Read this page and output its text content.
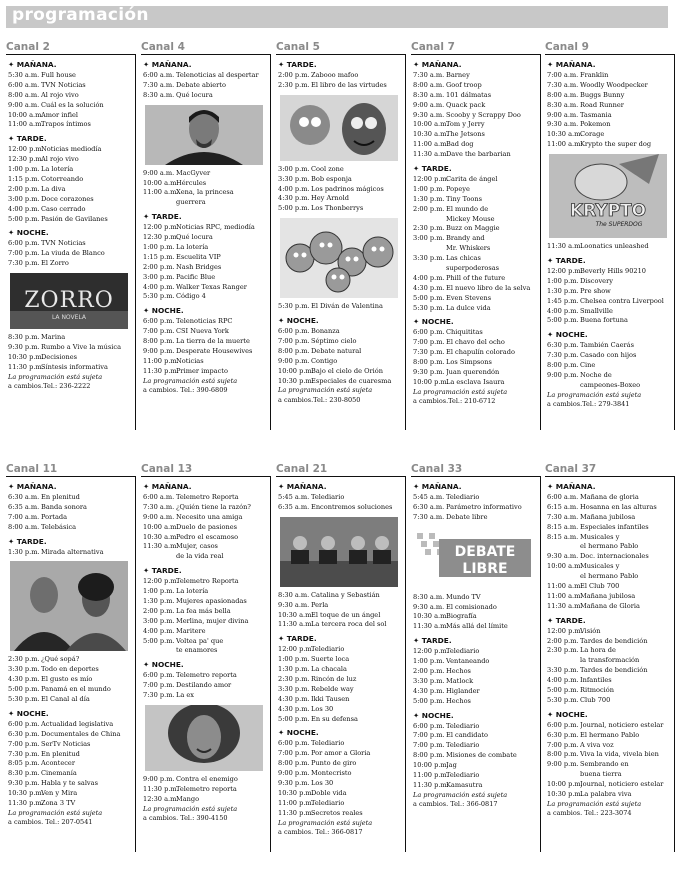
programación
Canal 2
✦ MAÑANA.
5:30 a.m. Full house
6:00 a.m. TVN Noticias
8:00 a.m. Al rojo vivo
9:00 a.m. Cuál es la solución
10:00 a.m.
Amor infiel
11:00 a.m.
Trapos íntimos
✦ TARDE.
12:00 p.m.
Noticias mediodía
12:30 p.m.
Al rojo vivo
1:00 p.m. La lotería
1:15 p.m. Cotorreando
2:00 p.m. La diva
3:00 p.m. Doce corazones
4:00 p.m. Caso cerrado
5:00 p.m. Pasión de Gavilanes
✦ NOCHE.
6:00 p.m. TVN Noticias
7:00 p.m. La viuda de Blanco
7:30 p.m. El Zorro
ZORRO
LA NOVELA
8:30 p.m. Marina
9:30 p.m. Rumbo a Vive la música
10:30 p.m.
Decisiones
11:30 p.m.
Síntesis informativa
La programación está sujeta
a cambios.Tel.: 236-2222
Canal 4
✦ MAÑANA.
6:00 a.m. Telenoticias al despertar
7:30 a.m. Debate abierto
8:30 a.m. Qué locura
9:00 a.m. MacGyver
10:00 a.m.
Hércules
11:00 a.m.
Xena, la princesa
guerrera
✦ TARDE.
12:00 p.m.
Noticias RPC, mediodía
12:30 p.m.
Qué locura
1:00 p.m. La lotería
1:15 p.m. Escuelita VIP
2:00 p.m. Nash Bridges
3:00 p.m. Pacific Blue
4:00 p.m. Walker Texas Ranger
5:30 p.m. Código 4
✦ NOCHE.
6:00 p.m. Telenoticias RPC
7:00 p.m. CSI Nueva York
8:00 p.m. La tierra de la muerte
9:00 p.m. Desperate Housewives
11:00 p.m.
Noticias
11:30 p.m.
Primer impacto
La programación está sujeta
a cambios. Tel.: 390-6809
Canal 5
✦ TARDE.
2:00 p.m. Zabooo mafoo
2:30 p.m. El libro de las virtudes
3:00 p.m. Cool zone
3:30 p.m. Bob esponja
4:00 p.m. Los padrinos mágicos
4:30 p.m. Hey Arnold
5:00 p.m. Los Thonberrys
5:30 p.m. El Diván de Valentina
✦ NOCHE.
6:00 p.m. Bonanza
7:00 p.m. Séptimo cielo
8:00 p.m. Debate natural
9:00 p.m. Contigo
10:00 p.m.
Bajo el cielo de Orión
10:30 p.m.
Especiales de cuaresma
La programación está sujeta
a cambios.Tel.: 230-8050
Canal 7
✦ MAÑANA.
7:30 a.m. Barney
8:00 a.m. Goof troop
8:30 a.m. 101 dálmatas
9:00 a.m. Quack pack
9:30 a.m. Scooby y Scrappy Doo
10:00 a.m.
Tom y Jerry
10:30 a.m.
The Jetsons
11:00 a.m.
Bad dog
11:30 a.m.
Dave the barbarian
✦ TARDE.
12:00 p.m.
Carita de ángel
1:00 p.m. Popeye
1:30 p.m. Tiny Toons
2:00 p.m. El mundo de
Mickey Mouse
2:30 p.m. Buzz on Maggie
3:00 p.m. Brandy and
Mr. Whiskers
3:30 p.m. Las chicas
superpoderosas
4:00 p.m. Phill of the future
4:30 p.m. El nuevo libro de la selva
5:00 p.m. Even Stevens
5:30 p.m. La dulce vida
✦ NOCHE.
6:00 p.m. Chiquititas
7:00 p.m. El chavo del ocho
7:30 p.m. El chapulín colorado
8:00 p.m. Los Simpsons
9:30 p.m. Juan querendón
10:00 p.m.
La esclava Isaura
La programación está sujeta
a cambios.Tel.: 210-6712
Canal 9
✦ MAÑANA.
7:00 a.m. Franklin
7:30 a.m. Woodly Woodpecker
8:00 a.m. Buggs Bunny
8:30 a.m. Road Runner
9:00 a.m. Tasmania
9:30 a.m. Pokemon
10:30 a.m.
Corage
11:00 a.m.
Krypto the super dog
KRYPTO
The SUPERDOG
11:30 a.m.
Loonatics unleashed
✦ TARDE.
12:00 p.m.
Beverly Hills 90210
1:00 p.m. Discovery
1:30 p.m. Pre show
1:45 p.m. Chelsea contra Liverpool
4:00 p.m. Smallville
5:00 p.m. Buena fortuna
✦ NOCHE.
6:30 p.m. También Caerás
7:30 p.m. Casado con hijos
8:00 p.m. Cine
9:00 p.m. Noche de
campeones-Boxeo
La programación está sujeta
a cambios.Tel.: 279-3841
Canal 11
✦ MAÑANA.
6:30 a.m. En plenitud
6:35 a.m. Banda sonora
7:00 a.m. Portada
8:00 a.m. Telebásica
✦ TARDE.
1:30 p.m. Mirada alternativa
2:30 p.m. ¿Qué sopá?
3:30 p.m. Todo en deportes
4:30 p.m. El gusto es mío
5:00 p.m. Panamá en el mundo
5:30 p.m. El Canal al día
✦ NOCHE.
6:00 p.m. Actualidad legislativa
6:30 p.m. Documentales de China
7:00 p.m. SerTv Noticias
7:30 p.m. En plenitud
8:05 p.m. Acontecer
8:30 p.m. Cinemanía
9:30 p.m. Habla y te salvas
10:30 p.m.
Ven y Mira
11:30 p.m.
Zona 3 TV
La programación está sujeta
a cambios. Tel.: 207-0541
Canal 13
✦ MAÑANA.
6:00 a.m. Telemetro Reporta
7:30 a.m. ¿Quién tiene la razón?
9:00 a.m. Necesito una amiga
10:00 a.m.
Duelo de pasiones
10:30 a.m.
Pedro el escamoso
11:30 a.m.
Mujer, casos
de la vida real
✦ TARDE.
12:00 p.m.
Telemetro Reporta
1:00 p.m. La lotería
1:30 p.m. Mujeres apasionadas
2:00 p.m. La fea más bella
3:00 p.m. Merlina, mujer divina
4:00 p.m. Maritere
5:00 p.m. Voltea pa' que
te enamores
✦ NOCHE.
6:00 p.m. Telemetro reporta
7:00 p.m. Destilando amor
7:30 p.m. La ex
9:00 p.m. Contra el enemigo
11:30 p.m.
Telemetro reporta
12:30 a.m.
Mango
La programación está sujeta
a cambios. Tel.: 390-4150
Canal 21
✦ MAÑANA.
5:45 a.m. Telediario
6:35 a.m. Encontremos soluciones
8:30 a.m. Catalina y Sebastián
9:30 a.m. Perla
10:30 a.m.
El toque de un ángel
11:30 a.m.
La tercera roca del sol
✦ TARDE.
12:00 p.m.
Telediario
1:00 p.m. Suerte loca
1:30 p.m. La chacala
2:30 p.m. Rincón de luz
3:30 p.m. Rebelde way
4:30 p.m. Ikki Tausen
4:30 p.m. Los 30
5:00 p.m. En su defensa
✦ NOCHE.
6:00 p.m. Telediario
7:00 p.m. Por amor a Gloria
8:00 p.m. Punto de giro
9:00 p.m. Montecristo
9:30 p.m. Los 30
10:30 p.m.
Doble vida
11:00 p.m.
Telediario
11:30 p.m.
Secretos reales
La programación está sujeta
a cambios. Tel.: 366-0817
Canal 33
✦ MAÑANA.
5:45 a.m. Telediario
6:30 a.m. Parámetro informativo
7:30 a.m. Debate libre
DEBATE
LIBRE
8:30 a.m. Mundo TV
9:30 a.m. El comisionado
10:30 a.m.
Biografía
11:30 a.m.
Más allá del límite
✦ TARDE.
12:00 p.m.
Telediario
1:00 p.m. Ventaneando
2:00 p.m. Hechos
3:30 p.m. Matlock
4:30 p.m. Higlander
5:00 p.m. Hechos
✦ NOCHE.
6:00 p.m. Telediario
7:00 p.m. El candidato
7:00 p.m. Telediario
8:00 p.m. Misiones de combate
10:00 p.m.
Jag
11:00 p.m.
Telediario
11:30 p.m.
Kamasutra
La programación está sujeta
a cambios. Tel.: 366-0817
Canal 37
✦ MAÑANA.
6:00 a.m. Mañana de gloria
6:15 a.m. Hosanna en las alturas
7:30 a.m. Mañana jubilosa
8:15 a.m. Especiales infantiles
8:15 a.m. Musicales y
el hermano Pablo
9:30 a.m. Doc. internacionales
10:00 a.m.
Musicales y
el hermano Pablo
11:00 a.m.
El Club 700
11:00 a.m.
Mañana jubilosa
11:30 a.m.
Mañana de Gloria
✦ TARDE.
12:00 p.m.
Visión
2:00 p.m. Tardes de bendición
2:30 p.m. La hora de
la transformación
3:30 p.m. Tardes de bendición
4:00 p.m. Infantiles
5:00 p.m. Ritmoción
5:30 p.m. Club 700
✦ NOCHE.
6:00 p.m. Journal, noticiero estelar
6:30 p.m. El hermano Pablo
7:00 p.m. A viva voz
8:00 p.m. Viva la vida, vivela bien
9:00 p.m. Sembrando en
buena tierra
10:00 p.m.
Journal, noticiero estelar
10:30 p.m.
La palabra viva
La programación está sujeta
a cambios. Tel.: 223-3074
